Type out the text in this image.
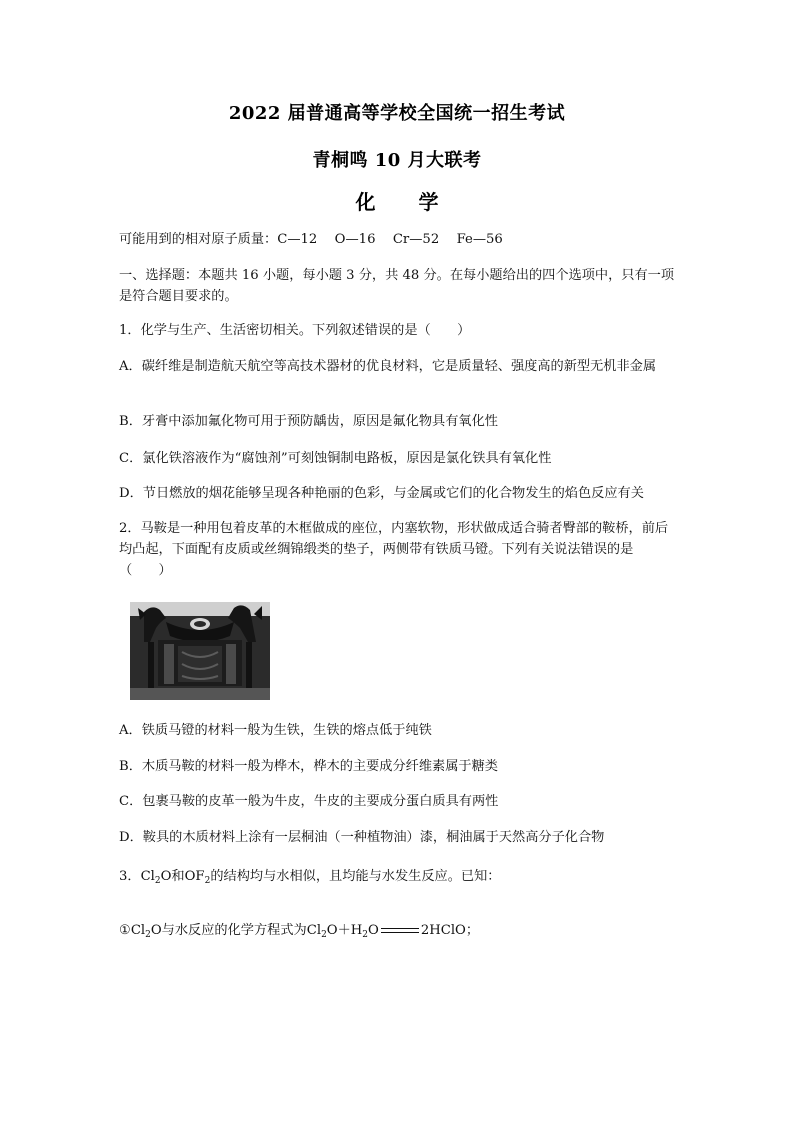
2022 届普通高等学校全国统一招生考试
青桐鸣 10 月大联考
化 学
可能用到的相对原子质量：C—12　 O—16　 Cr—52　 Fe—56
一、选择题：本题共 16 小题，每小题 3 分，共 48 分。在每小题给出的四个选项中，只有一项是符合题目要求的。
1．化学与生产、生活密切相关。下列叙述错误的是（　　）
A．碳纤维是制造航天航空等高技术器材的优良材料，它是质量轻、强度高的新型无机非金属
B．牙膏中添加氟化物可用于预防龋齿，原因是氟化物具有氧化性
C．氯化铁溶液作为“腐蚀剂”可刻蚀铜制电路板，原因是氯化铁具有氧化性
D．节日燃放的烟花能够呈现各种艳丽的色彩，与金属或它们的化合物发生的焰色反应有关
2．马鞍是一种用包着皮革的木框做成的座位，内塞软物，形状做成适合骑者臀部的鞍桥，前后均凸起，下面配有皮质或丝绸锦缎类的垫子，两侧带有铁质马镫。下列有关说法错误的是（　　）
A．铁质马镫的材料一般为生铁，生铁的熔点低于纯铁
B．木质马鞍的材料一般为桦木，桦木的主要成分纤维素属于糖类
C．包裹马鞍的皮革一般为牛皮，牛皮的主要成分蛋白质具有两性
D．鞍具的木质材料上涂有一层桐油（一种植物油）漆，桐油属于天然高分子化合物
3．$Cl_2O$和$OF_2$的结构均与水相似，且均能与水发生反应。已知：
$①Cl_2O$与水反应的化学方程式为$Cl_2O+H_2O$	2HClO；
